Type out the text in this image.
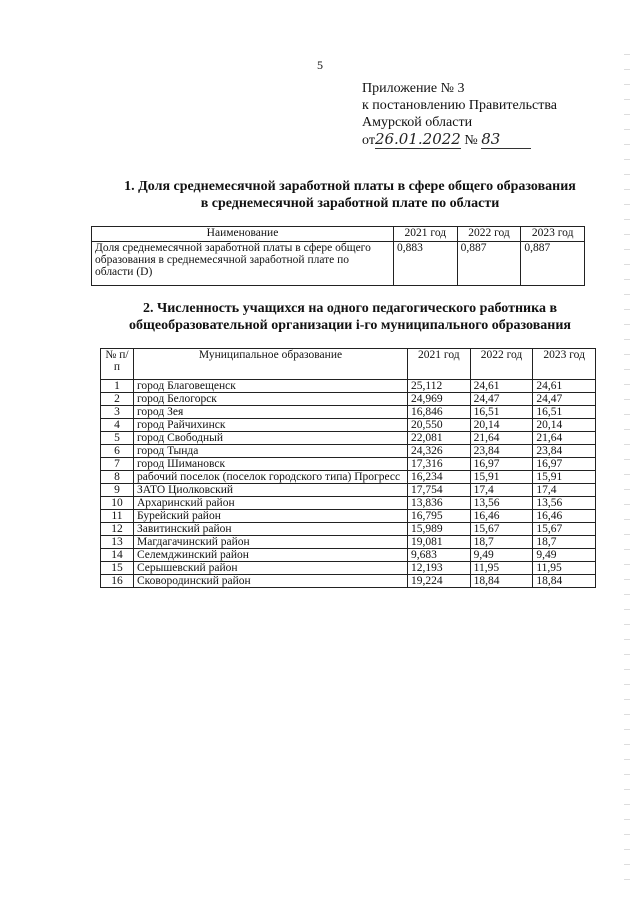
5
Приложение № 3
к постановлению Правительства
Амурской области
от26.01.2022 № 83
1. Доля среднемесячной заработной платы в сфере общего образования
в среднемесячной заработной плате по области
Наименование	2021 год	2022 год	2023 год
Доля среднемесячной заработной платы в сфере общего образования в среднемесячной заработной плате по области (D)	0,883	0,887	0,887
2. Численность учащихся на одного педагогического работника в
общеобразовательной организации i-го муниципального образования
№ п/п	Муниципальное образование	2021 год	2022 год	2023 год
1	город Благовещенск	25,112	24,61	24,61
2	город Белогорск	24,969	24,47	24,47
3	город Зея	16,846	16,51	16,51
4	город Райчихинск	20,550	20,14	20,14
5	город Свободный	22,081	21,64	21,64
6	город Тында	24,326	23,84	23,84
7	город Шимановск	17,316	16,97	16,97
8	рабочий поселок (поселок городского типа) Прогресс	16,234	15,91	15,91
9	ЗАТО Циолковский	17,754	17,4	17,4
10	Архаринский район	13,836	13,56	13,56
11	Бурейский район	16,795	16,46	16,46
12	Завитинский район	15,989	15,67	15,67
13	Магдагачинский район	19,081	18,7	18,7
14	Селемджинский район	9,683	9,49	9,49
15	Серышевский район	12,193	11,95	11,95
16	Сковородинский район	19,224	18,84	18,84
